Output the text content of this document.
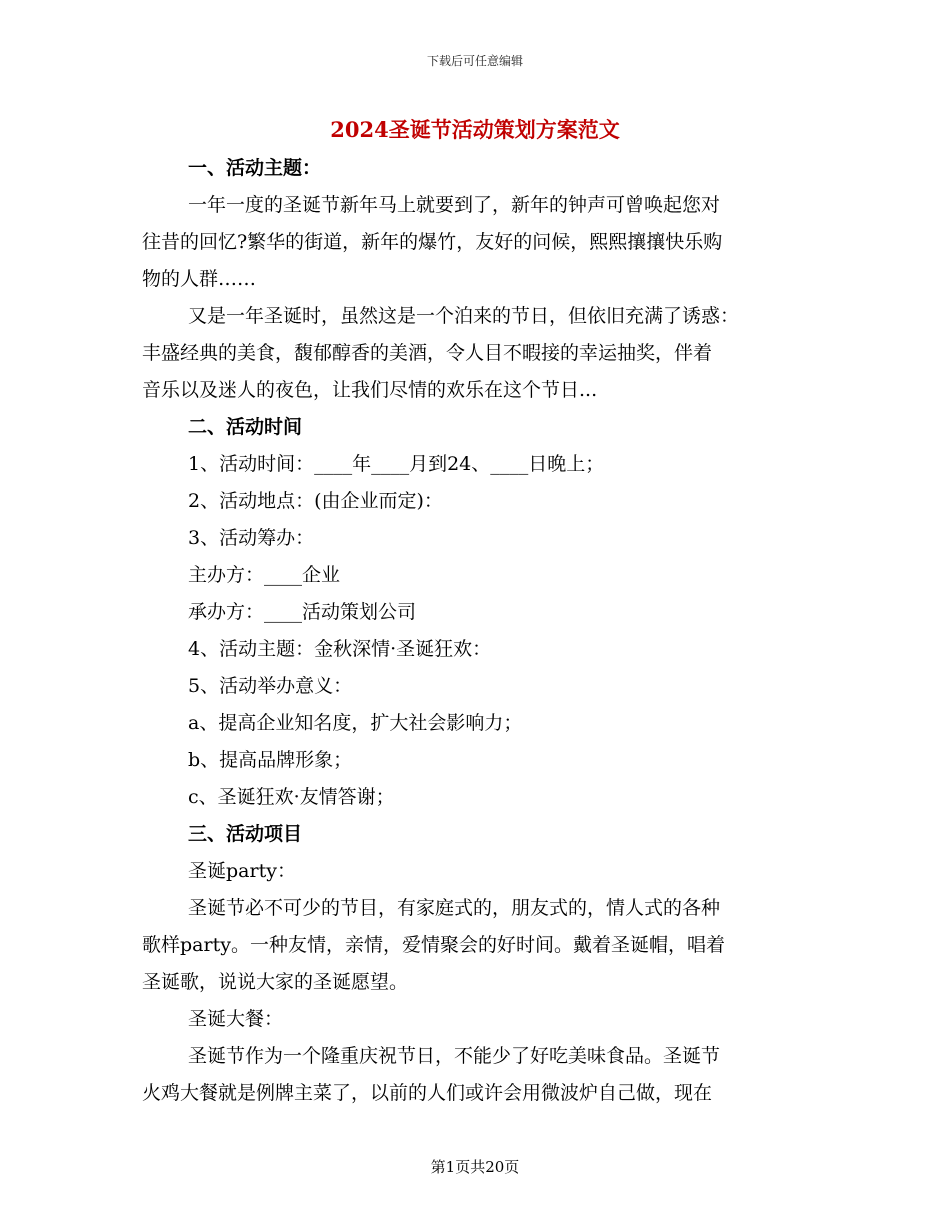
下载后可任意编辑
2024圣诞节活动策划方案范文
一、活动主题：
一年一度的圣诞节新年马上就要到了，新年的钟声可曾唤起您对
往昔的回忆?繁华的街道，新年的爆竹，友好的问候，熙熙攘攘快乐购
物的人群……
又是一年圣诞时，虽然这是一个泊来的节日，但依旧充满了诱惑：
丰盛经典的美食，馥郁醇香的美酒，令人目不暇接的幸运抽奖，伴着
音乐以及迷人的夜色，让我们尽情的欢乐在这个节日...
二、活动时间
1、活动时间：____年____月到24、____日晚上；
2、活动地点：(由企业而定)：
3、活动筹办：
主办方：____企业
承办方：____活动策划公司
4、活动主题：金秋深情·圣诞狂欢：
5、活动举办意义：
a、提高企业知名度，扩大社会影响力；
b、提高品牌形象；
c、圣诞狂欢·友情答谢；
三、活动项目
圣诞party：
圣诞节必不可少的节目，有家庭式的，朋友式的，情人式的各种
歌样party。一种友情，亲情，爱情聚会的好时间。戴着圣诞帽，唱着
圣诞歌，说说大家的圣诞愿望。
圣诞大餐：
圣诞节作为一个隆重庆祝节日，不能少了好吃美味食品。圣诞节
火鸡大餐就是例牌主菜了，以前的人们或许会用微波炉自己做，现在
第1页共20页
